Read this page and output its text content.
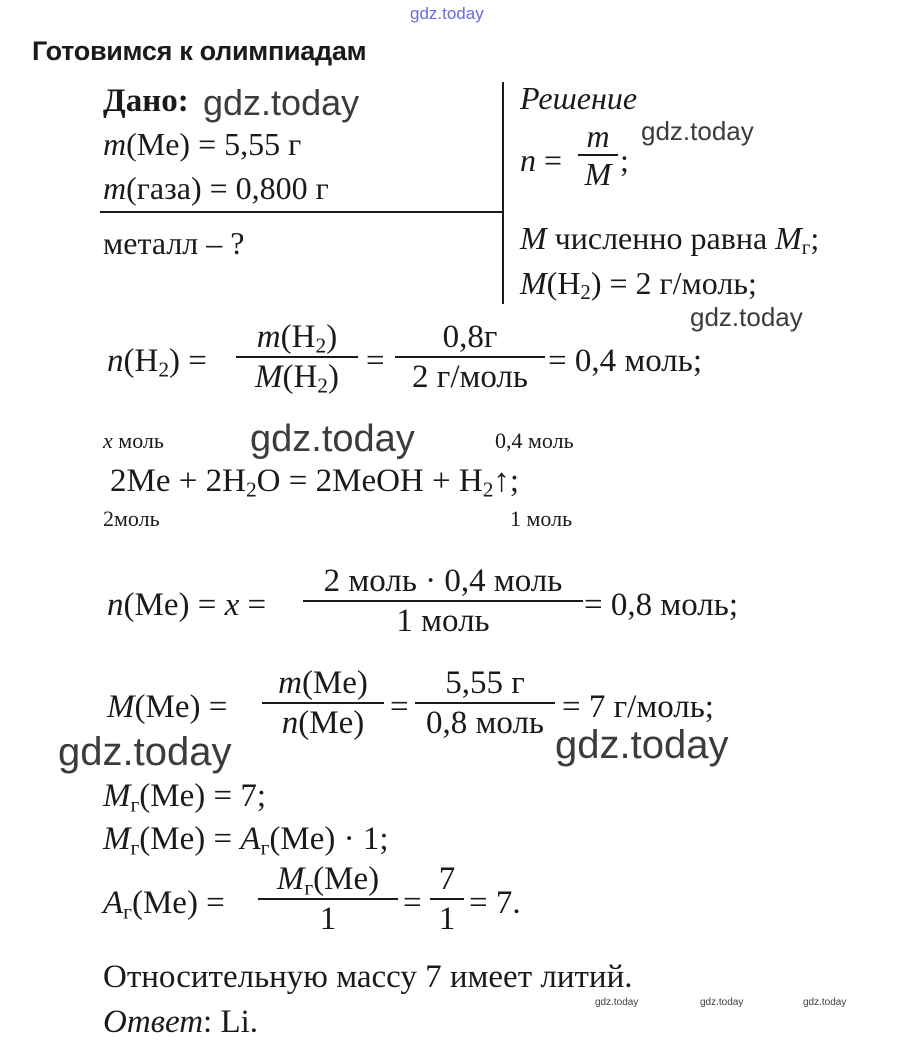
gdz.today
gdz.today
gdz.today
gdz.today
gdz.today
gdz.today	gdz.today
gdz.today	gdz.today	gdz.today
Готовимся к олимпиадам
Дано:
m(Me) = 5,55 г
m(газа) = 0,800 г
металл – ?
Решение
n =
m
M ;
M численно равна $M_г$;
$M(H_2) = 2$ г/моль;
$n(H_2)$ =
$m(H_2)$
$M(H_2)$ =
0,8г
2 г/моль = 0,4 моль;
x моль	0,4 моль
$2Me + 2H_2O$ = 2MeOH + $H_2↑$;
2моль	1 моль
n(Me) = x =
2 моль · 0,4 моль
1 моль	= 0,8 моль;
M(Me) =
m(Me)
n(Me) =
5,55 г
0,8 моль = 7 г/моль;
$M_г(Me) = 7$;
$M_г(Me) = A_г(Me) \cdot 1$;
$A_г(Me)$ =
$M_г(Me)$
1	=
7
1 = 7.
Относительную массу 7 имеет литий.
Ответ: Li.
